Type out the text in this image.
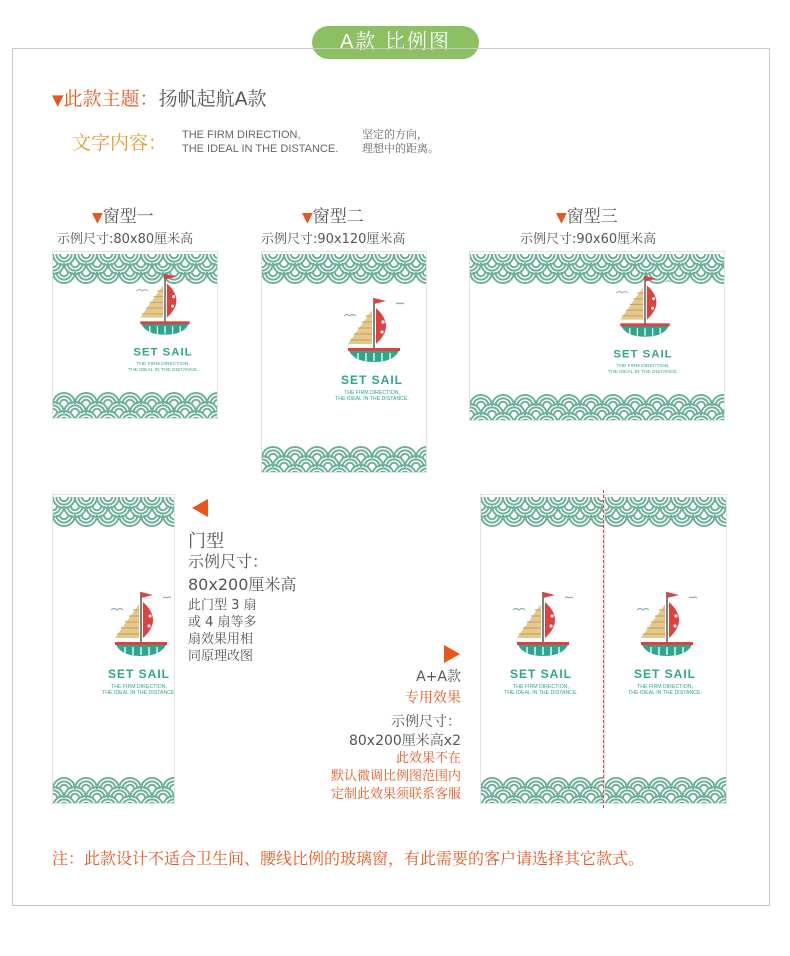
A款 比例图
▼此款主题：扬帆起航A款
文字内容： THE FIRM DIRECTION,
THE IDEAL IN THE DISTANCE.
坚定的方向，
理想中的距离。
▼窗型一
示例尺寸:80x80厘米高
▼窗型二
示例尺寸:90x120厘米高
▼窗型三
示例尺寸:90x60厘米高
SET SAIL
THE FIRM DIRECTION,
THE IDEAL IN THE DISTANCE.
SET SAIL
THE FIRM DIRECTION,
THE IDEAL IN THE DISTANCE.
SET SAIL
THE FIRM DIRECTION,
THE IDEAL IN THE DISTANCE.
SET SAIL
THE FIRM DIRECTION,
THE IDEAL IN THE DISTANCE.
门型
示例尺寸：
80x200厘米高
此门型 3 扇
或 4 扇等多
扇效果用相
同原理改图
A+A款
专用效果
示例尺寸：
80x200厘米高x2
此效果不在
默认微调比例图范围内
定制此效果须联系客服
SET SAIL
THE FIRM DIRECTION,
THE IDEAL IN THE DISTANCE.
SET SAIL
THE FIRM DIRECTION,
THE IDEAL IN THE DISTANCE.
注：此款设计不适合卫生间、腰线比例的玻璃窗，有此需要的客户请选择其它款式。
